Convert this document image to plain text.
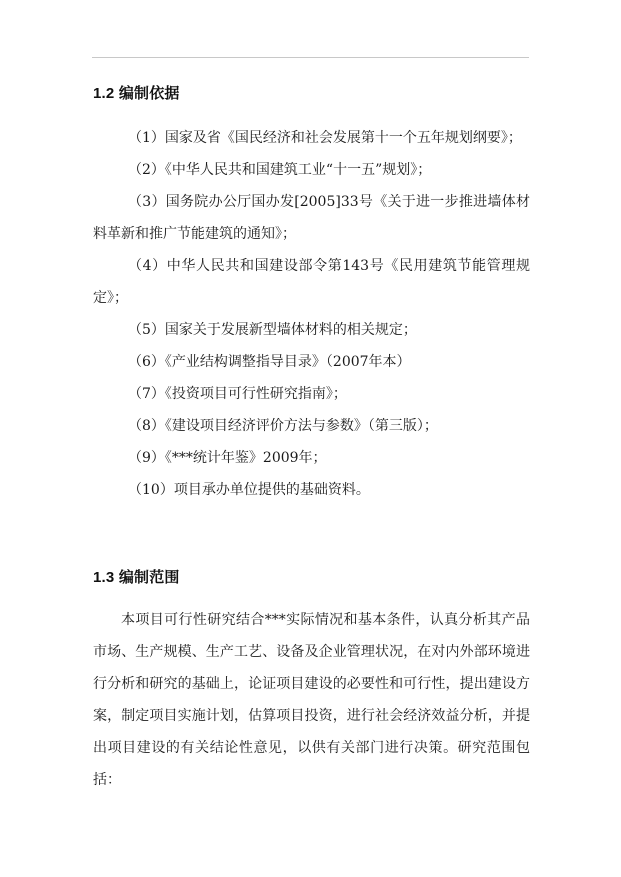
1.2 编制依据
（1）国家及省《国民经济和社会发展第十一个五年规划纲要》；
（2）《中华人民共和国建筑工业“十一五”规划》；
（3）国务院办公厅国办发[2005]33号《关于进一步推进墙体材料革新和推广节能建筑的通知》；
（4）中华人民共和国建设部令第143号《民用建筑节能管理规定》；
（5）国家关于发展新型墙体材料的相关规定；
（6）《产业结构调整指导目录》（2007年本）
（7）《投资项目可行性研究指南》；
（8）《建设项目经济评价方法与参数》（第三版）；
（9）《***统计年鉴》2009年；
（10）项目承办单位提供的基础资料。
1.3 编制范围

本项目可行性研究结合***实际情况和基本条件，认真分析其产品市场、生产规模、生产工艺、设备及企业管理状况，在对内外部环境进行分析和研究的基础上，论证项目建设的必要性和可行性，提出建设方案，制定项目实施计划，估算项目投资，进行社会经济效益分析，并提出项目建设的有关结论性意见，以供有关部门进行决策。研究范围包括：
